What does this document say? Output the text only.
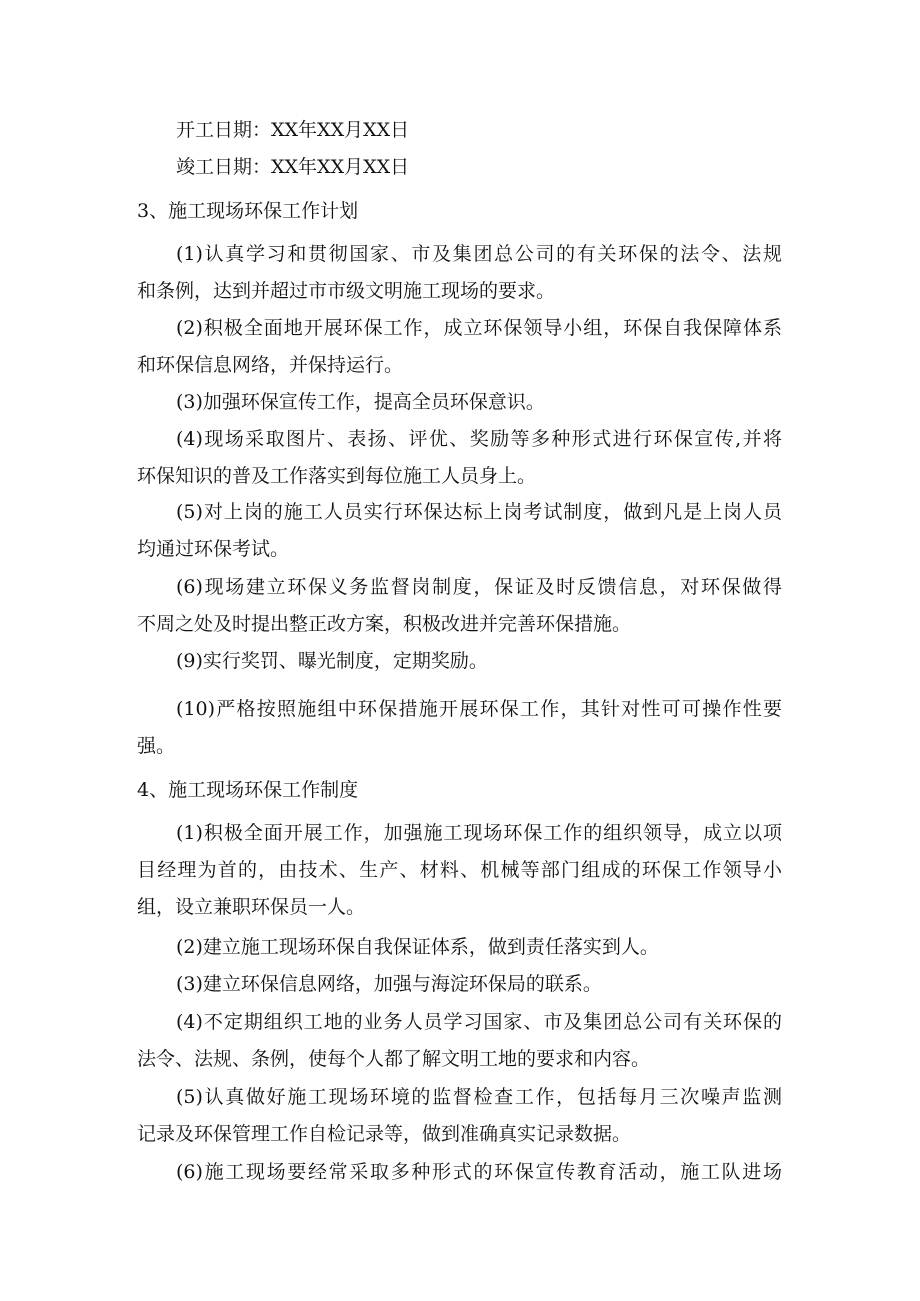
开工日期：XX年XX月XX日
竣工日期：XX年XX月XX日
3、施工现场环保工作计划
(1)认真学习和贯彻国家、市及集团总公司的有关环保的法令、法规
和条例，达到并超过市市级文明施工现场的要求。
(2)积极全面地开展环保工作，成立环保领导小组，环保自我保障体系
和环保信息网络，并保持运行。
(3)加强环保宣传工作，提高全员环保意识。
(4)现场采取图片、表扬、评优、奖励等多种形式进行环保宣传,并将
环保知识的普及工作落实到每位施工人员身上。
(5)对上岗的施工人员实行环保达标上岗考试制度，做到凡是上岗人员
均通过环保考试。
(6)现场建立环保义务监督岗制度，保证及时反馈信息，对环保做得
不周之处及时提出整正改方案，积极改进并完善环保措施。
(9)实行奖罚、曝光制度，定期奖励。
(10)严格按照施组中环保措施开展环保工作，其针对性可可操作性要
强。
4、施工现场环保工作制度
(1)积极全面开展工作，加强施工现场环保工作的组织领导，成立以项
目经理为首的，由技术、生产、材料、机械等部门组成的环保工作领导小
组，设立兼职环保员一人。
(2)建立施工现场环保自我保证体系，做到责任落实到人。
(3)建立环保信息网络，加强与海淀环保局的联系。
(4)不定期组织工地的业务人员学习国家、市及集团总公司有关环保的
法令、法规、条例，使每个人都了解文明工地的要求和内容。
(5)认真做好施工现场环境的监督检查工作，包括每月三次噪声监测
记录及环保管理工作自检记录等，做到准确真实记录数据。
(6)施工现场要经常采取多种形式的环保宣传教育活动，施工队进场
